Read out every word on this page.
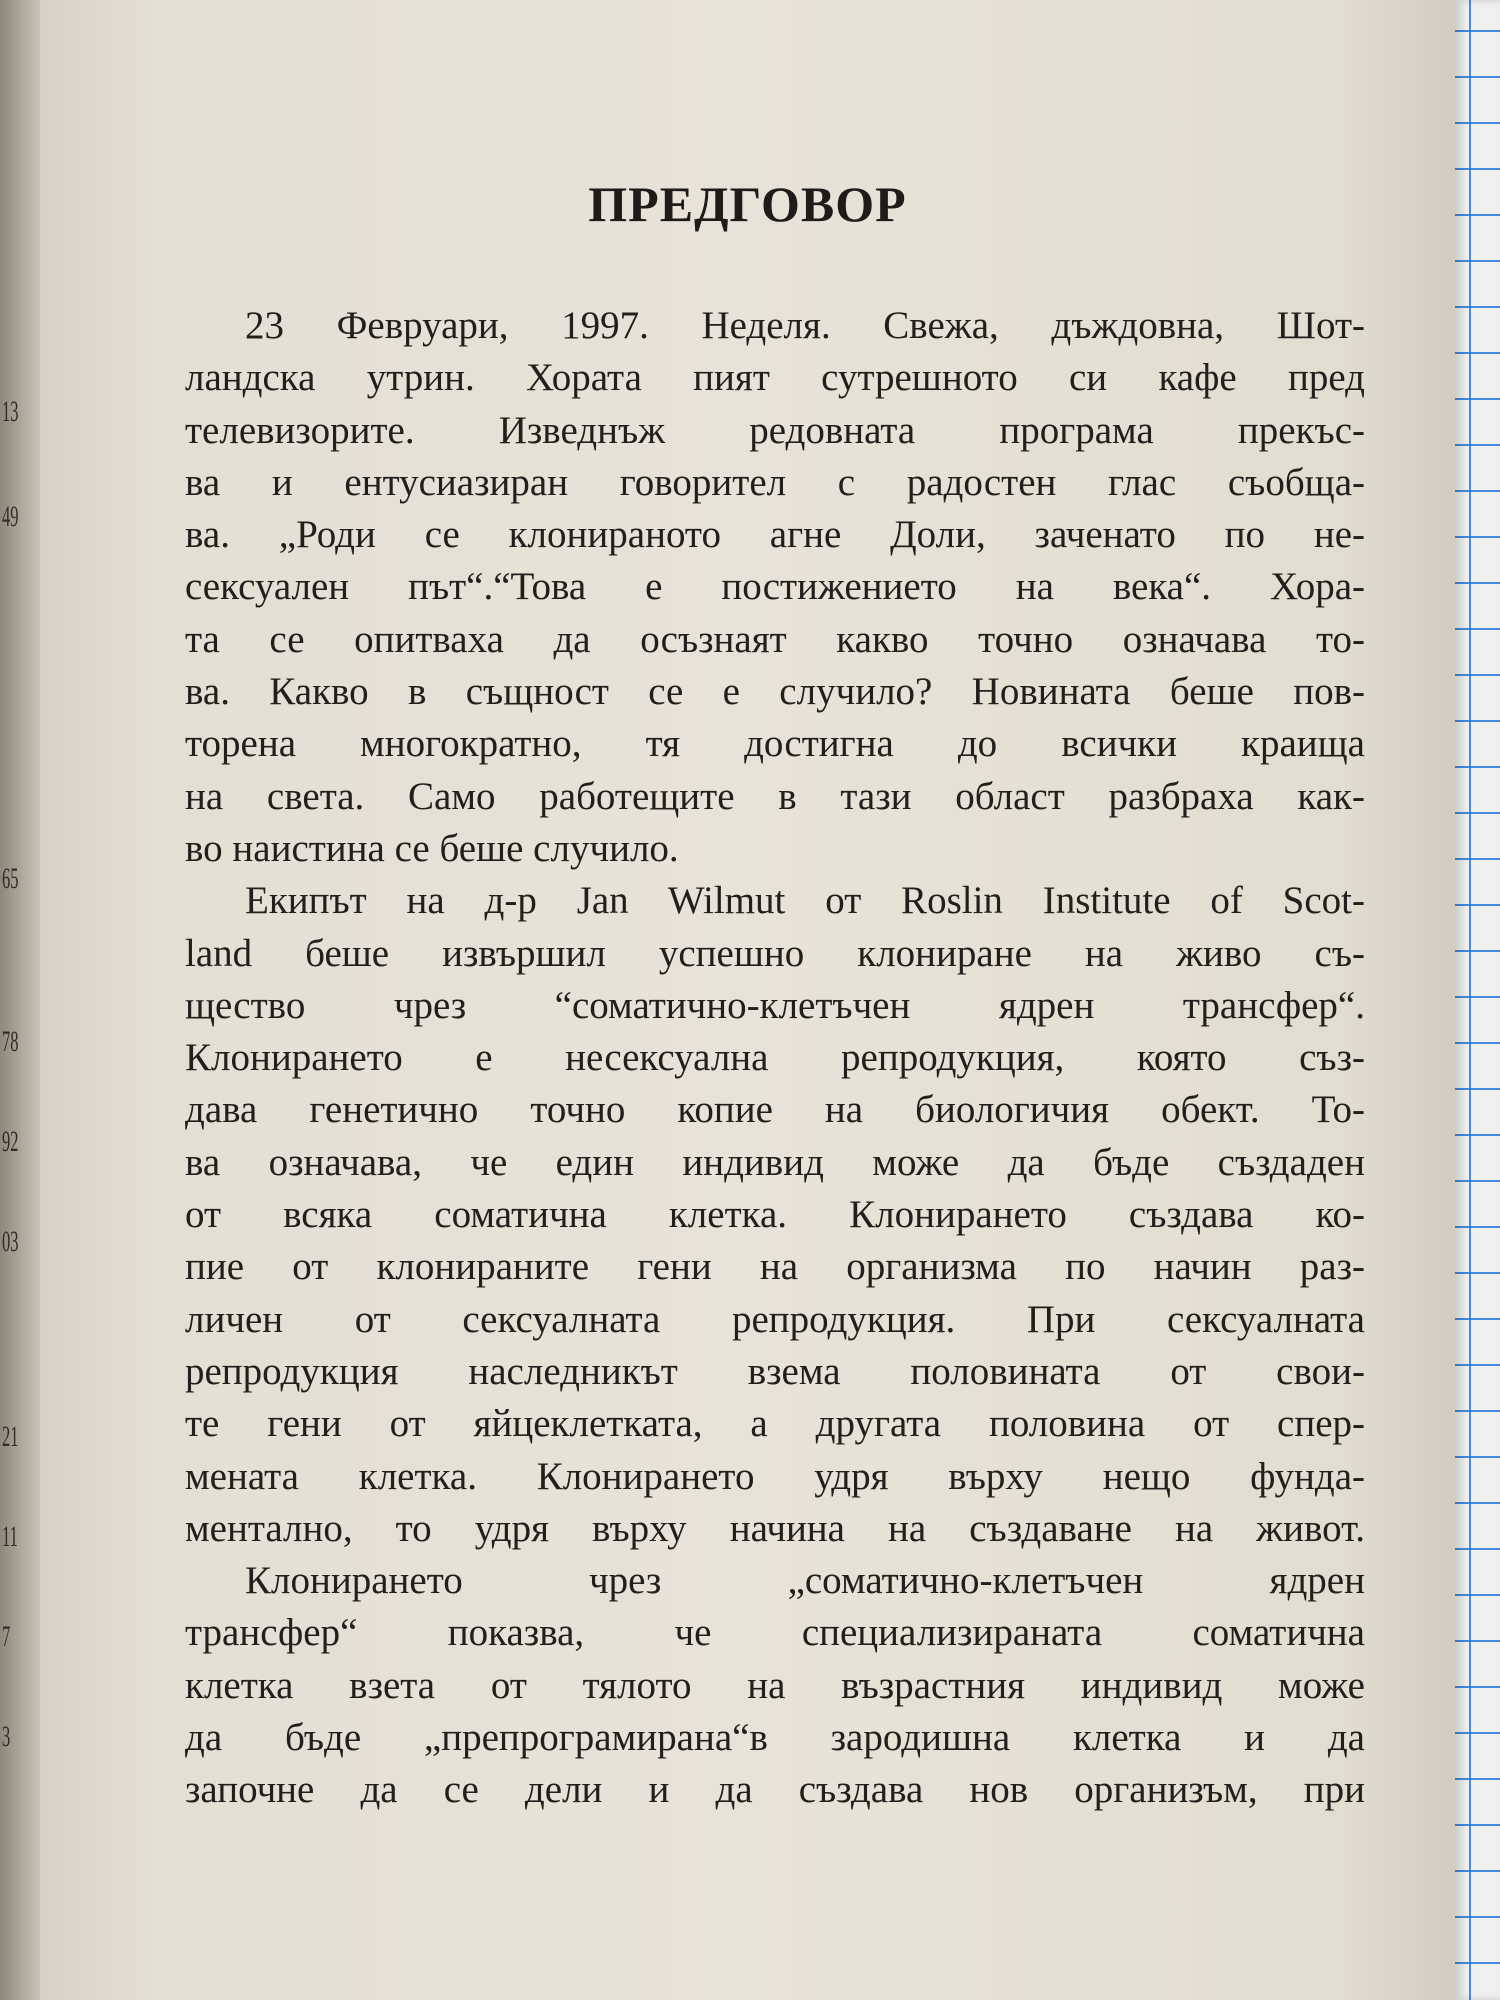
13
49
65
78
92
03
21
11
7
3
ПРЕДГОВОР
23 Февруари, 1997. Неделя. Свежа, дъждовна, Шот-
ландска утрин. Хората пият сутрешното си кафе пред
телевизорите. Изведнъж редовната програма прекъс-
ва и ентусиазиран говорител с радостен глас съобща-
ва. „Роди се клонираното агне Доли, заченато по не-
сексуален път“.“Това е постижението на века“. Хора-
та се опитваха да осъзнаят какво точно означава то-
ва. Какво в същност се е случило? Новината беше пов-
торена многократно, тя достигна до всички краища
на света. Само работещите в тази област разбраха как-
во наистина се беше случило.
Екипът на д-р Jan Wilmut от Roslin Institute of Scot-
land беше извършил успешно клониране на живо съ-
щество чрез “соматично-клетъчен ядрен трансфер“.
Клонирането е несексуална репродукция, която съз-
дава генетично точно копие на биологичия обект. То-
ва означава, че един индивид може да бъде създаден
от всяка соматична клетка. Клонирането създава ко-
пие от клонираните гени на организма по начин раз-
личен от сексуалната репродукция. При сексуалната
репродукция наследникът взема половината от свои-
те гени от яйцеклетката, а другата половина от спер-
мената клетка. Клонирането удря върху нещо фунда-
ментално, то удря върху начина на създаване на живот.
Клонирането чрез „соматично-клетъчен ядрен
трансфер“ показва, че специализираната соматична
клетка взета от тялото на възрастния индивид може
да бъде „препрограмирана“в зародишна клетка и да
започне да се дели и да създава нов организъм, при
